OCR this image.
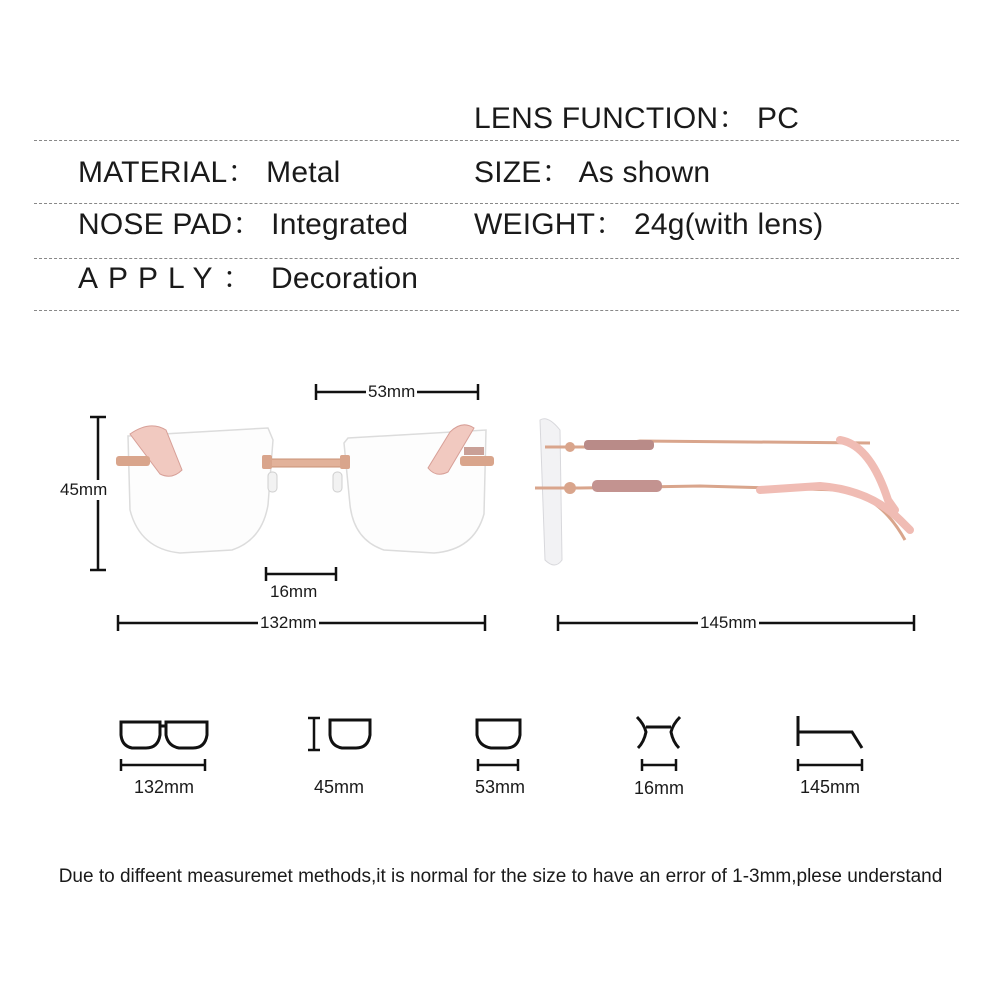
LENS FUNCTION： PC
MATERIAL： Metal	SIZE： As shown
NOSE PAD： Integrated WEIGHT： 24g(with lens)
APPLY： Decoration
53mm
45mm
16mm
132mm	145mm
132mm	45mm	53mm	16mm	145mm
Due to diffeent measuremet methods,it is normal for the size to have an error of 1-3mm,plese understand
